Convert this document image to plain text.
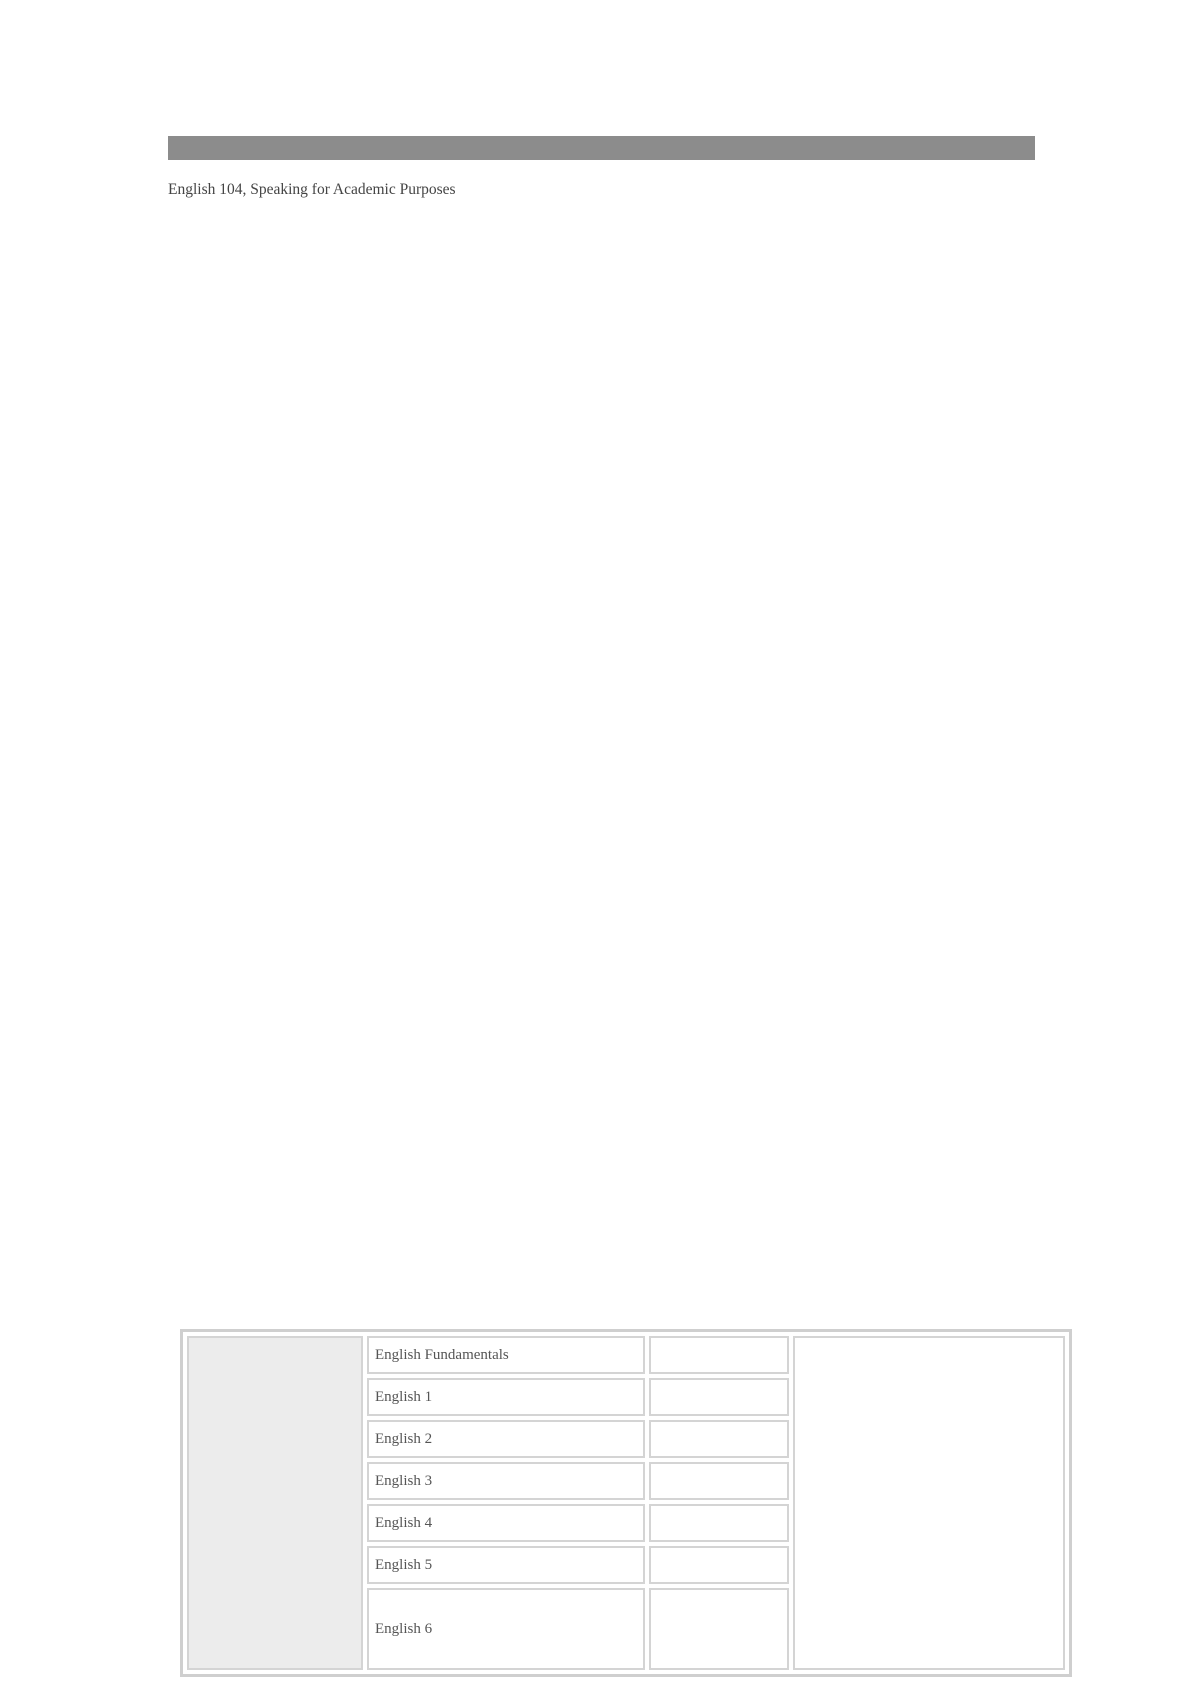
English 104, Speaking for Academic Purposes

	English Fundamentals		
	English 1		
	English 2		
	English 3		
	English 4		
	English 5		
	English 6		
